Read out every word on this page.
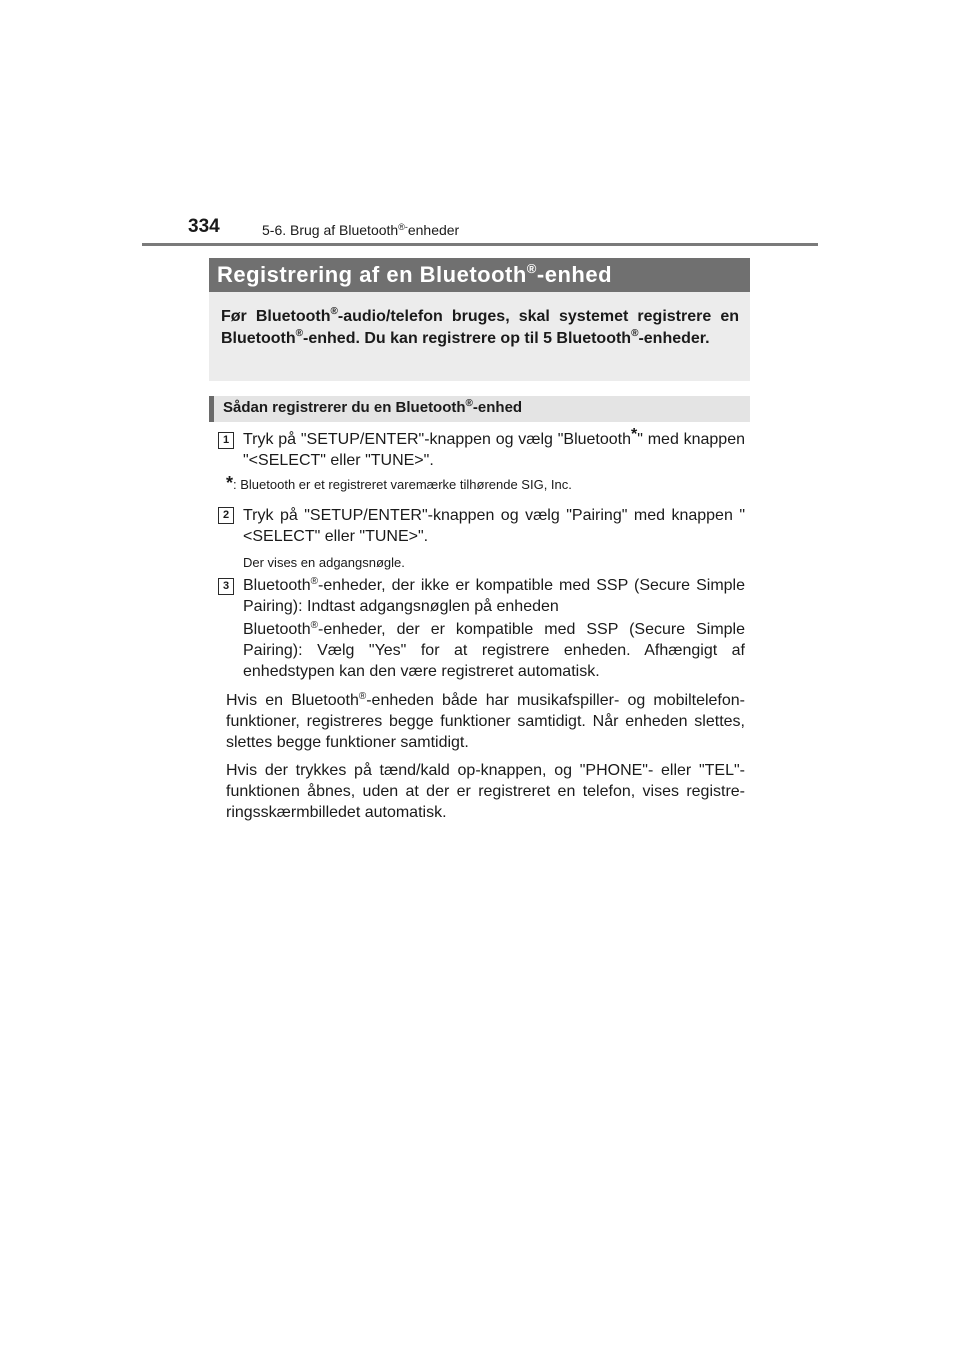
334	5-6. Brug af Bluetooth®-enheder
Registrering af en Bluetooth®-enhed
Før Bluetooth®-audio/telefon bruges, skal systemet registrere en Bluetooth®-enhed. Du kan registrere op til 5 Bluetooth®-enheder.
Sådan registrerer du en Bluetooth®-enhed
1 Tryk på "SETUP/ENTER"-knappen og vælg "Bluetooth*" med knappen "<SELECT" eller "TUNE>".
*: Bluetooth er et registreret varemærke tilhørende SIG, Inc.
2 Tryk på "SETUP/ENTER"-knappen og vælg "Pairing" med knappen "<SELECT" eller "TUNE>".
Der vises en adgangsnøgle.
3 Bluetooth®-enheder, der ikke er kompatible med SSP (Secure Simple Pairing): Indtast adgangsnøglen på enheden
Bluetooth®-enheder, der er kompatible med SSP (Secure Simple Pairing): Vælg "Yes" for at registrere enheden. Afhængigt af enhedstypen kan den være registreret automatisk.
Hvis en Bluetooth®-enheden både har musikafspiller- og mobiltelefon-funktioner, registreres begge funktioner samtidigt. Når enheden slettes, slettes begge funktioner samtidigt.
Hvis der trykkes på tænd/kald op-knappen, og "PHONE"- eller "TEL"-funktionen åbnes, uden at der er registreret en telefon, vises registre-ringsskærmbilledet automatisk.
